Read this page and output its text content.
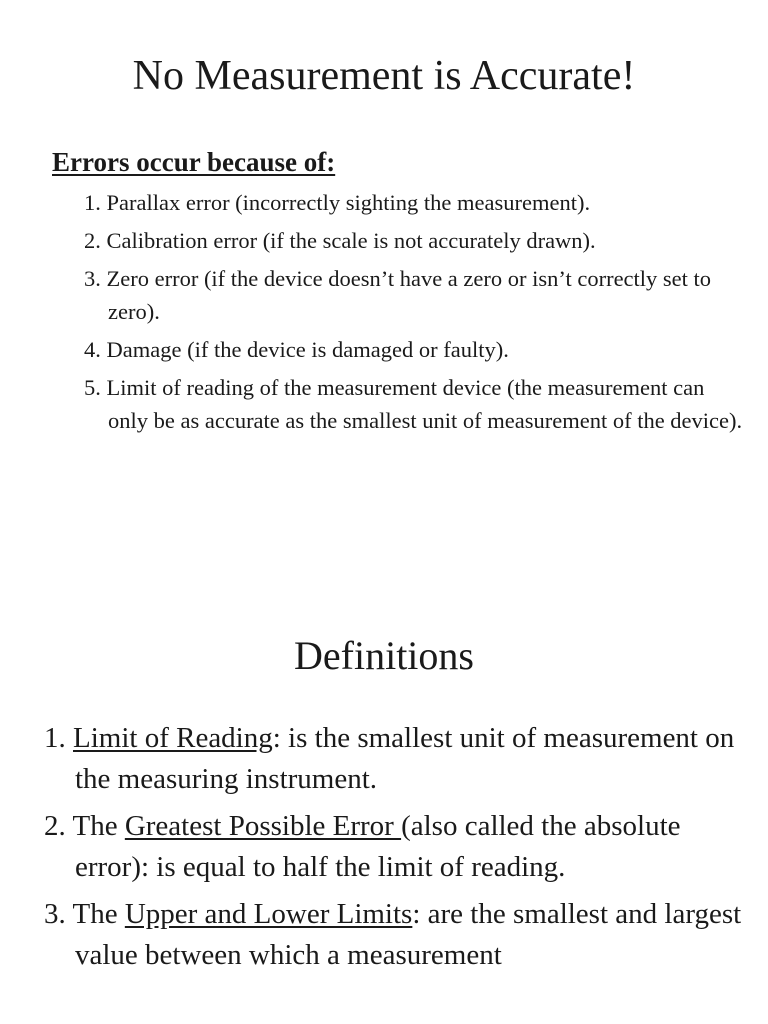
No Measurement is Accurate!
Errors occur because of:
1. Parallax error (incorrectly sighting the measurement).
2. Calibration error (if the scale is not accurately drawn).
3. Zero error (if the device doesn’t have a zero or isn’t correctly set to zero).
4. Damage (if the device is damaged or faulty).
5. Limit of reading of the measurement device (the measurement can only be as accurate as the smallest unit of measurement of the device).
Definitions
1. Limit of Reading: is the smallest unit of measurement on the measuring instrument.
2. The Greatest Possible Error (also called the absolute error): is equal to half the limit of reading.
3. The Upper and Lower Limits: are the smallest and largest value between which a measurement
